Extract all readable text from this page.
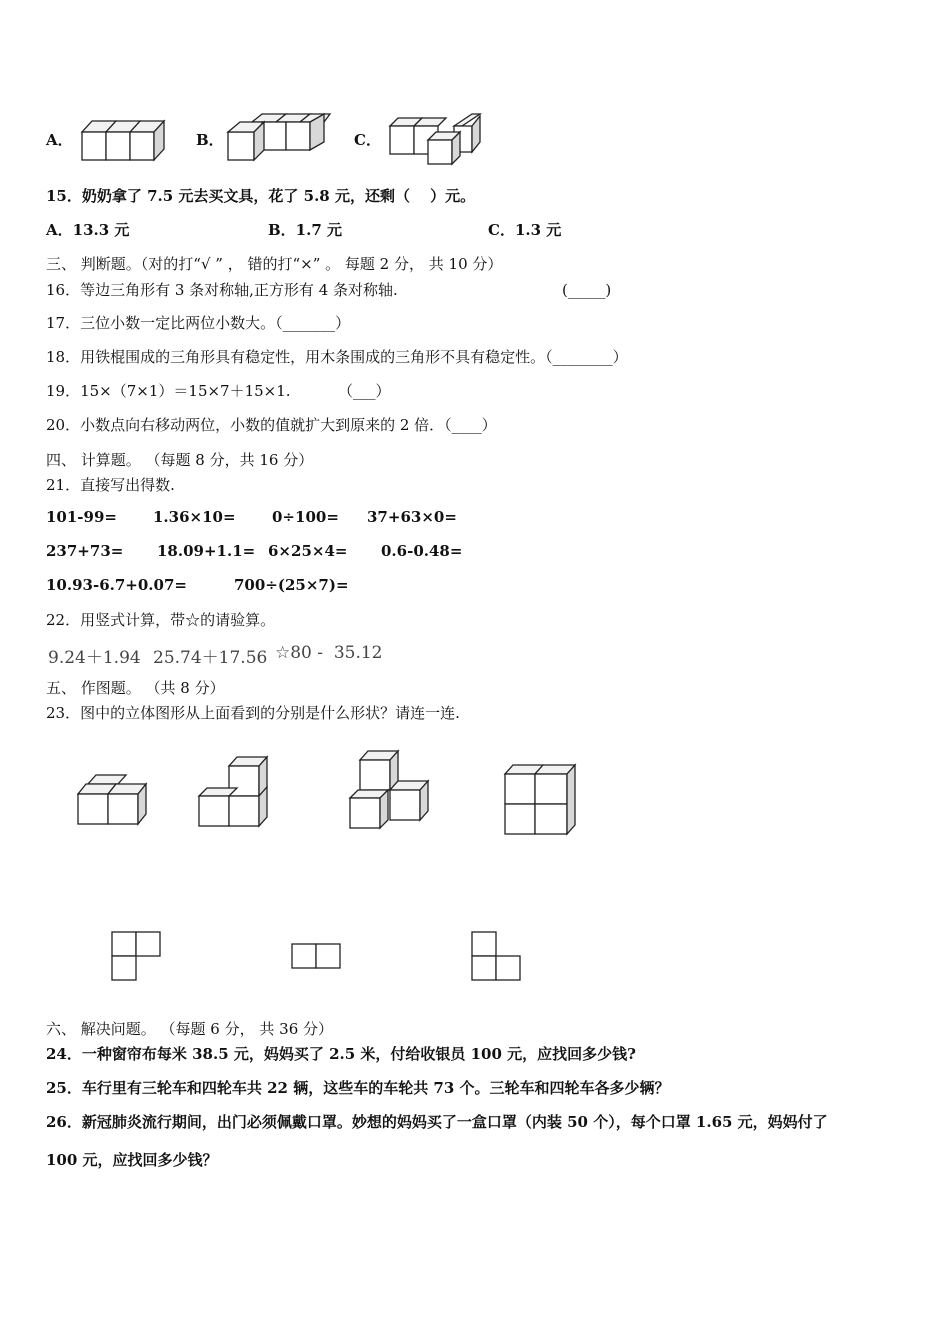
A．	B．	C．
15．奶奶拿了 7.5 元去买文具，花了 5.8 元，还剩（　 ）元。
A．13.3 元	B．1.7 元	C．1.3 元
三、 判断题。（对的打“√ ” ， 错的打“×” 。 每题 2 分， 共 10 分）
16．等边三角形有 3 条对称轴,正方形有 4 条对称轴.	(_____)
17．三位小数一定比两位小数大。（_______）
18．用铁棍围成的三角形具有稳定性，用木条围成的三角形不具有稳定性。（________）
19．15×（7×1）＝15×7＋15×1.	（___）
20．小数点向右移动两位，小数的值就扩大到原来的 2 倍．（____）
四、 计算题。 （每题 8 分，共 16 分）
21．直接写出得数.
101-99= 1.36×10= 0÷100= 37+63×0=
237+73= 18.09+1.1= 6×25×4= 0.6-0.48=
10.93-6.7+0.07=	700÷(25×7)=
22．用竖式计算，带☆的请验算。
9.24＋1.94 25.74＋17.56 ☆80 -  35.12
五、 作图题。 （共 8 分）
23．图中的立体图形从上面看到的分别是什么形状？请连一连.
六、 解决问题。 （每题 6 分， 共 36 分）
24．一种窗帘布每米 38.5 元，妈妈买了 2.5 米，付给收银员 100 元，应找回多少钱?
25．车行里有三轮车和四轮车共 22 辆，这些车的车轮共 73 个。三轮车和四轮车各多少辆？
26．新冠肺炎流行期间，出门必须佩戴口罩。妙想的妈妈买了一盒口罩（内装 50 个），每个口罩 1.65 元，妈妈付了
100 元，应找回多少钱？
